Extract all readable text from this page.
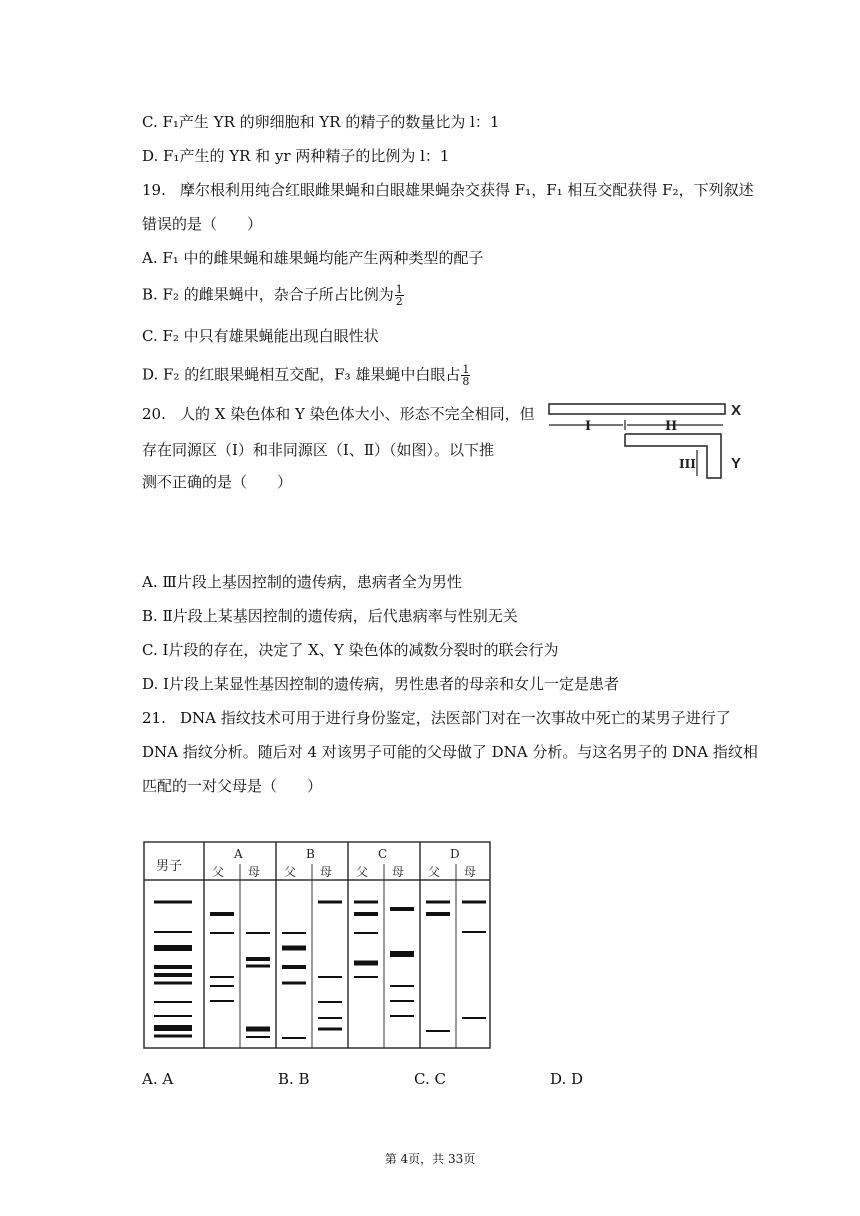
C. F₁产生 YR 的卵细胞和 YR 的精子的数量比为 l：1
D. F₁产生的 YR 和 yr 两种精子的比例为 l：1
19. 摩尔根利用纯合红眼雌果蝇和白眼雄果蝇杂交获得 F₁，F₁ 相互交配获得 F₂，下列叙述
错误的是（　　）
A. F₁ 中的雌果蝇和雄果蝇均能产生两种类型的配子
B. F₂ 的雌果蝇中，杂合子所占比例为 $\frac{1}{2}$
C. F₂ 中只有雄果蝇能出现白眼性状
D. F₂ 的红眼果蝇相互交配，F₃ 雄果蝇中白眼占 $\frac{1}{8}$
20. 人的 X 染色体和 Y 染色体大小、形态不完全相同，但
存在同源区（Ⅰ）和非同源区（Ⅰ、Ⅱ）（如图）。以下推
测不正确的是（　　）
X
I	II
Y
III
A. Ⅲ片段上基因控制的遗传病，患病者全为男性
B. Ⅱ片段上某基因控制的遗传病，后代患病率与性别无关
C. Ⅰ片段的存在，决定了 X、Y 染色体的减数分裂时的联会行为
D. Ⅰ片段上某显性基因控制的遗传病，男性患者的母亲和女儿一定是患者
21. DNA 指纹技术可用于进行身份鉴定，法医部门对在一次事故中死亡的某男子进行了
DNA 指纹分析。随后对 4 对该男子可能的父母做了 DNA 分析。与这名男子的 DNA 指纹相
匹配的一对父母是（　　）
男子
A	B	C	D
父 母 父 母 父 母 父 母
A. A	B. B	C. C	D. D
第 4页，共 33页
